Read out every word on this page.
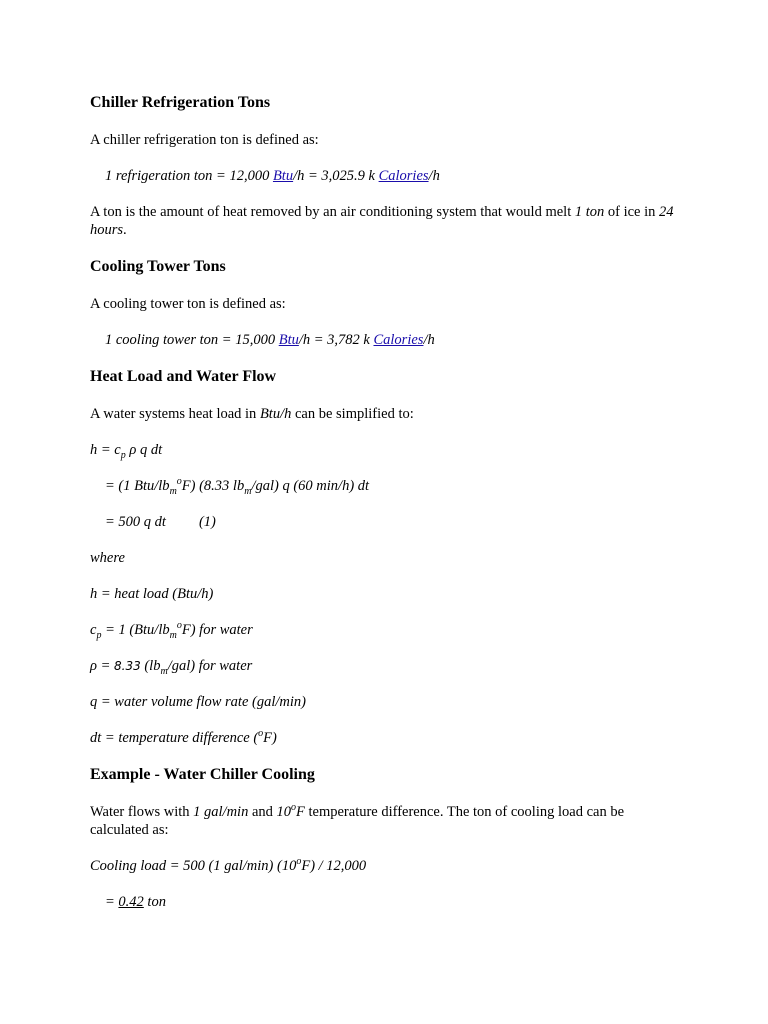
Chiller Refrigeration Tons
A chiller refrigeration ton is defined as:
1 refrigeration ton = 12,000 Btu/h = 3,025.9 k Calories/h
A ton is the amount of heat removed by an air conditioning system that would melt 1 ton of ice in 24 hours.
Cooling Tower Tons
A cooling tower ton is defined as:
1 cooling tower ton = 15,000 Btu/h = 3,782 k Calories/h
Heat Load and Water Flow
A water systems heat load in Btu/h can be simplified to:
$h = c_p$ ρ q dt
= (1 Btu/$lb_m^oF$) (8.33 $lb_m/gal$) q (60 min/h) dt
= 500 q dt (1)
where
h = heat load (Btu/h)
$c_p = 1$ $(Btu/lb_m^oF)$ for water
ρ = 8.33 $(lb_m/gal)$ for water
q = water volume flow rate (gal/min)
dt = temperature difference ($^o$F)
Example - Water Chiller Cooling
Water flows with 1 gal/min and 10$^o$F temperature difference. The ton of cooling load can be calculated as:
Cooling load = 500 (1 gal/min) (10$^o$F) / 12,000
= 0.42 ton
